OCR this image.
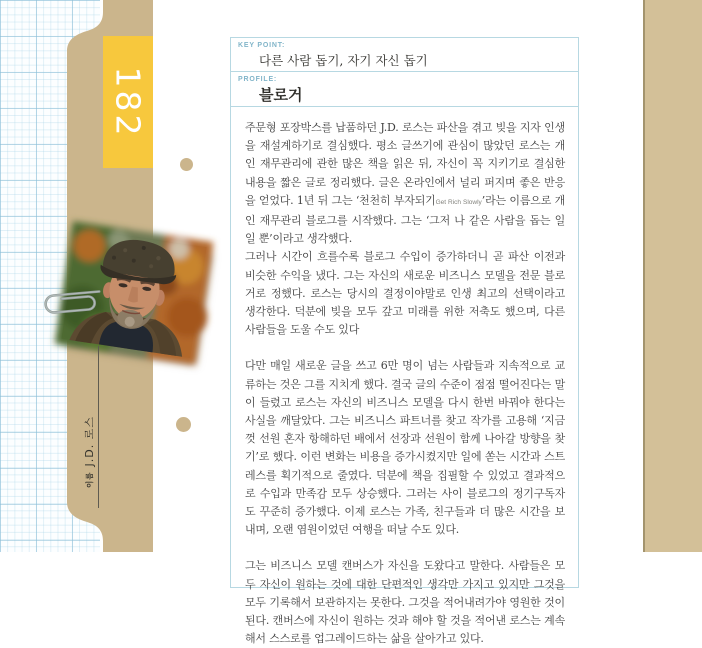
182
이름
J.D. 로스
KEY POINT:
다른 사람 돕기, 자기 자신 돕기
PROFILE:
블로거

주문형 포장박스를 납품하던 J.D. 로스는 파산을 겪고 빚을 지자 인생을 재설계하기로 결심했다. 평소 글쓰기에 관심이 많았던 로스는 개인 재무관리에 관한 많은 책을 읽은 뒤, 자신이 꼭 지키기로 결심한 내용을 짧은 글로 정리했다. 글은 온라인에서 널리 퍼지며 좋은 반응을 얻었다. 1년 뒤 그는 ‘천천히 부자되기Get Rich Slowly’라는 이름으로 개인 재무관리 블로그를 시작했다. 그는 ‘그저 나 같은 사람을 돕는 일일 뿐’이라고 생각했다.

그러나 시간이 흐를수록 블로그 수입이 증가하더니 곧 파산 이전과 비슷한 수익을 냈다. 그는 자신의 새로운 비즈니스 모델을 전문 블로거로 정했다. 로스는 당시의 결정이야말로 인생 최고의 선택이라고 생각한다. 덕분에 빚을 모두 갚고 미래를 위한 저축도 했으며, 다른 사람들을 도울 수도 있다

다만 매일 새로운 글을 쓰고 6만 명이 넘는 사람들과 지속적으로 교류하는 것은 그를 지치게 했다. 결국 글의 수준이 점점 떨어진다는 말이 들렸고 로스는 자신의 비즈니스 모델을 다시 한번 바꿔야 한다는 사실을 깨달았다. 그는 비즈니스 파트너를 찾고 작가를 고용해 ‘지금껏 선원 혼자 항해하던 배에서 선장과 선원이 함께 나아갈 방향을 찾기’로 했다. 이런 변화는 비용을 증가시켰지만 일에 쏟는 시간과 스트레스를 획기적으로 줄였다. 덕분에 책을 집필할 수 있었고 결과적으로 수입과 만족감 모두 상승했다. 그러는 사이 블로그의 정기구독자도 꾸준히 증가했다. 이제 로스는 가족, 친구들과 더 많은 시간을 보내며, 오랜 염원이었던 여행을 떠날 수도 있다.

그는 비즈니스 모델 캔버스가 자신을 도왔다고 말한다. 사람들은 모두 자신이 원하는 것에 대한 단편적인 생각만 가지고 있지만 그것을 모두 기록해서 보관하지는 못한다. 그것을 적어내려가야 영원한 것이 된다. 캔버스에 자신이 원하는 것과 해야 할 것을 적어낸 로스는 계속해서 스스로를 업그레이드하는 삶을 살아가고 있다.
